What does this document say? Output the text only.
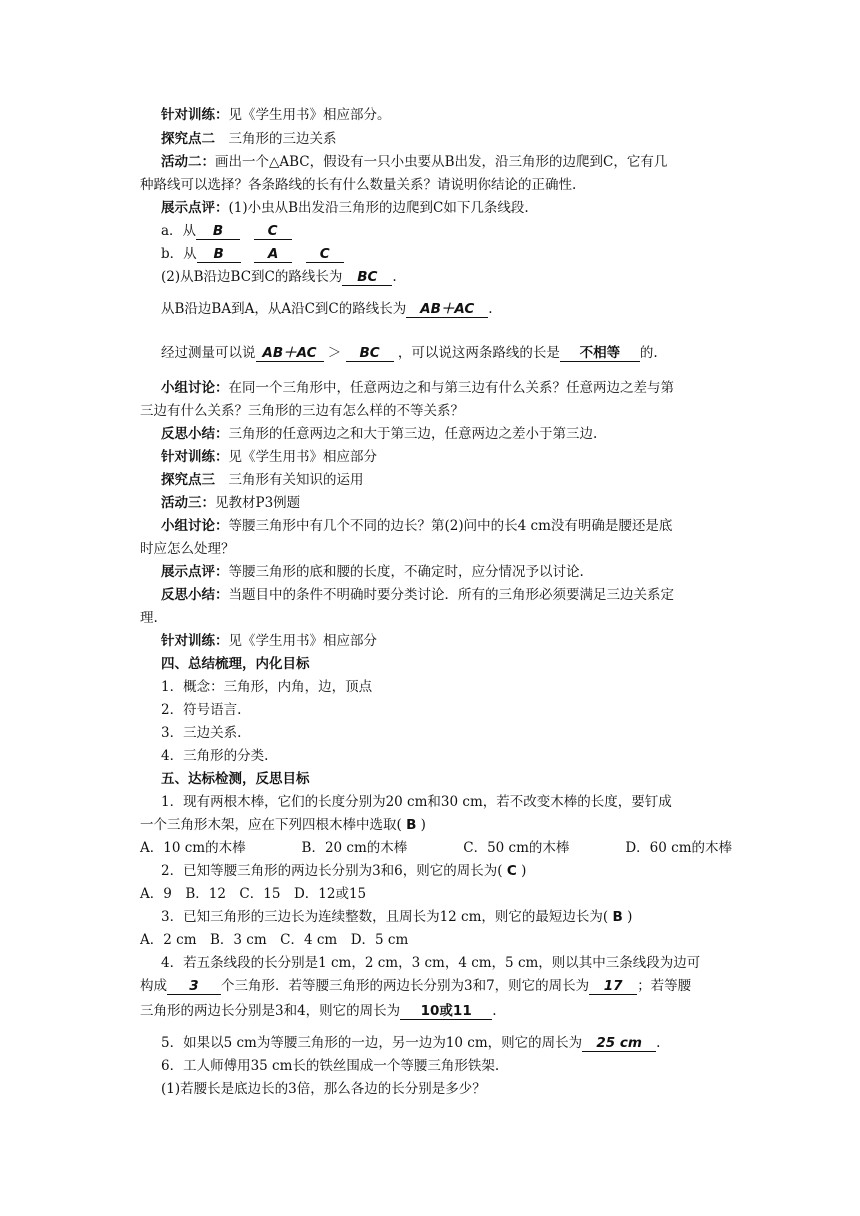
针对训练：见《学生用书》相应部分。
探究点二　 三角形的三边关系
活动二：画出一个△ABC，假设有一只小虫要从B出发，沿三角形的边爬到C，它有几
种路线可以选择？各条路线的长有什么数量关系？请说明你结论的正确性.
展示点评：(1)小虫从B出发沿三角形的边爬到C如下几条线段.
a．从 B　	C
b．从 B　	A　	C
(2)从B沿边BC到C的路线长为 BC .
从B沿边BA到A，从A沿C到C的路线长为 AB＋AC .
经过测量可以说 AB＋AC ＞ BC ，可以说这两条路线的长是 不相等 的.
小组讨论：在同一个三角形中，任意两边之和与第三边有什么关系？任意两边之差与第
三边有什么关系？三角形的三边有怎么样的不等关系？
反思小结：三角形的任意两边之和大于第三边，任意两边之差小于第三边.
针对训练：见《学生用书》相应部分
探究点三　 三角形有关知识的运用
活动三：见教材P3例题
小组讨论：等腰三角形中有几个不同的边长？第(2)问中的长4 cm没有明确是腰还是底
时应怎么处理？
展示点评：等腰三角形的底和腰的长度，不确定时，应分情况予以讨论.
反思小结：当题目中的条件不明确时要分类讨论．所有的三角形必须要满足三边关系定
理.
针对训练：见《学生用书》相应部分
四、总结梳理，内化目标
1．概念：三角形，内角，边，顶点
2．符号语言.
3．三边关系.
4．三角形的分类.
五、达标检测，反思目标
1．现有两根木棒，它们的长度分别为20 cm和30 cm，若不改变木棒的长度，要钉成
一个三角形木架，应在下列四根木棒中选取( B )
A．10 cm的木棒	B．20 cm的木棒	C．50 cm的木棒	D．60 cm的木棒
2．已知等腰三角形的两边长分别为3和6，则它的周长为( C )
A．9　B．12　C．15　D．12或15
3．已知三角形的三边长为连续整数，且周长为12 cm，则它的最短边长为( B )
A．2 cm　B．3 cm　C．4 cm　D．5 cm
4．若五条线段的长分别是1 cm，2 cm，3 cm，4 cm，5 cm，则以其中三条线段为边可
构成 3 个三角形．若等腰三角形的两边长分别为3和7，则它的周长为 17 ；若等腰
三角形的两边长分别是3和4，则它的周长为 10或11 .
5．如果以5 cm为等腰三角形的一边，另一边为10 cm，则它的周长为 25 cm .
6．工人师傅用35 cm长的铁丝围成一个等腰三角形铁架.
(1)若腰长是底边长的3倍，那么各边的长分别是多少？
